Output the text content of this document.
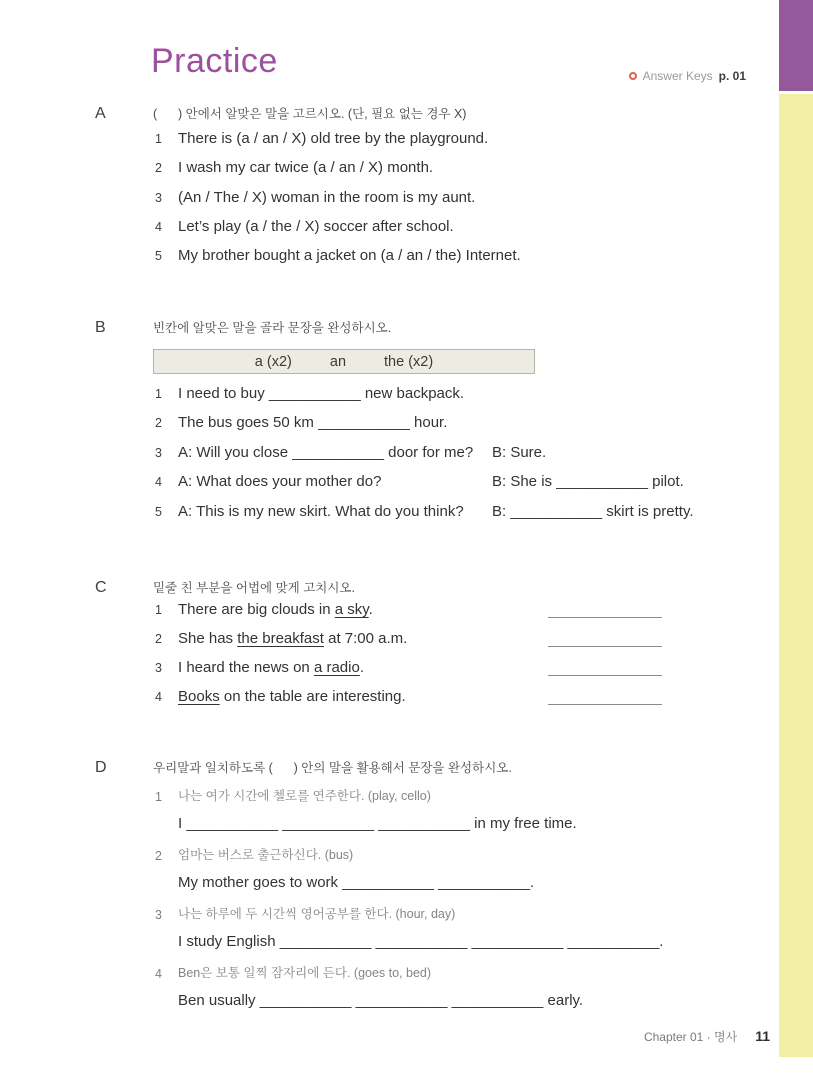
Practice	Answer Keys p. 01
A	(      ) 안에서 알맞은 말을 고르시오. (단, 필요 없는 경우 X)
B	빈칸에 알맞은 말을 골라 문장을 완성하시오.
a (x2)	an	the (x2)
C	밑줄 친 부분을 어법에 맞게 고치시오.
D	우리말과 일치하도록 (      ) 안의 말을 활용해서 문장을 완성하시오.
Chapter 01 · 명사 11
1 There is (a / an / X) old tree by the playground.
2 I wash my car twice (a / an / X) month.
3 (An / The / X) woman in the room is my aunt.
4 Let’s play (a / the / X) soccer after school.
5 My brother bought a jacket on (a / an / the) Internet.
1 I need to buy ___________ new backpack.
2 The bus goes 50 km ___________ hour.
3 A: Will you close ___________ door for me? B: Sure.
4 A: What does your mother do?	B: She is ___________ pilot.
5 A: This is my new skirt. What do you think? B: ___________ skirt is pretty.
1 There are big clouds in a sky.
2 She has the breakfast at 7:00 a.m.
3 I heard the news on a radio.
4 Books on the table are interesting.
1 나는 여가 시간에 첼로를 연주한다. (play, cello)
I ___________ ___________ ___________ in my free time.
2 엄마는 버스로 출근하신다. (bus)
My mother goes to work ___________ ___________.
3 나는 하루에 두 시간씩 영어공부를 한다. (hour, day)
I study English ___________ ___________ ___________ ___________.
4 Ben은 보통 일찍 잠자리에 든다. (goes to, bed)
Ben usually ___________ ___________ ___________ early.
